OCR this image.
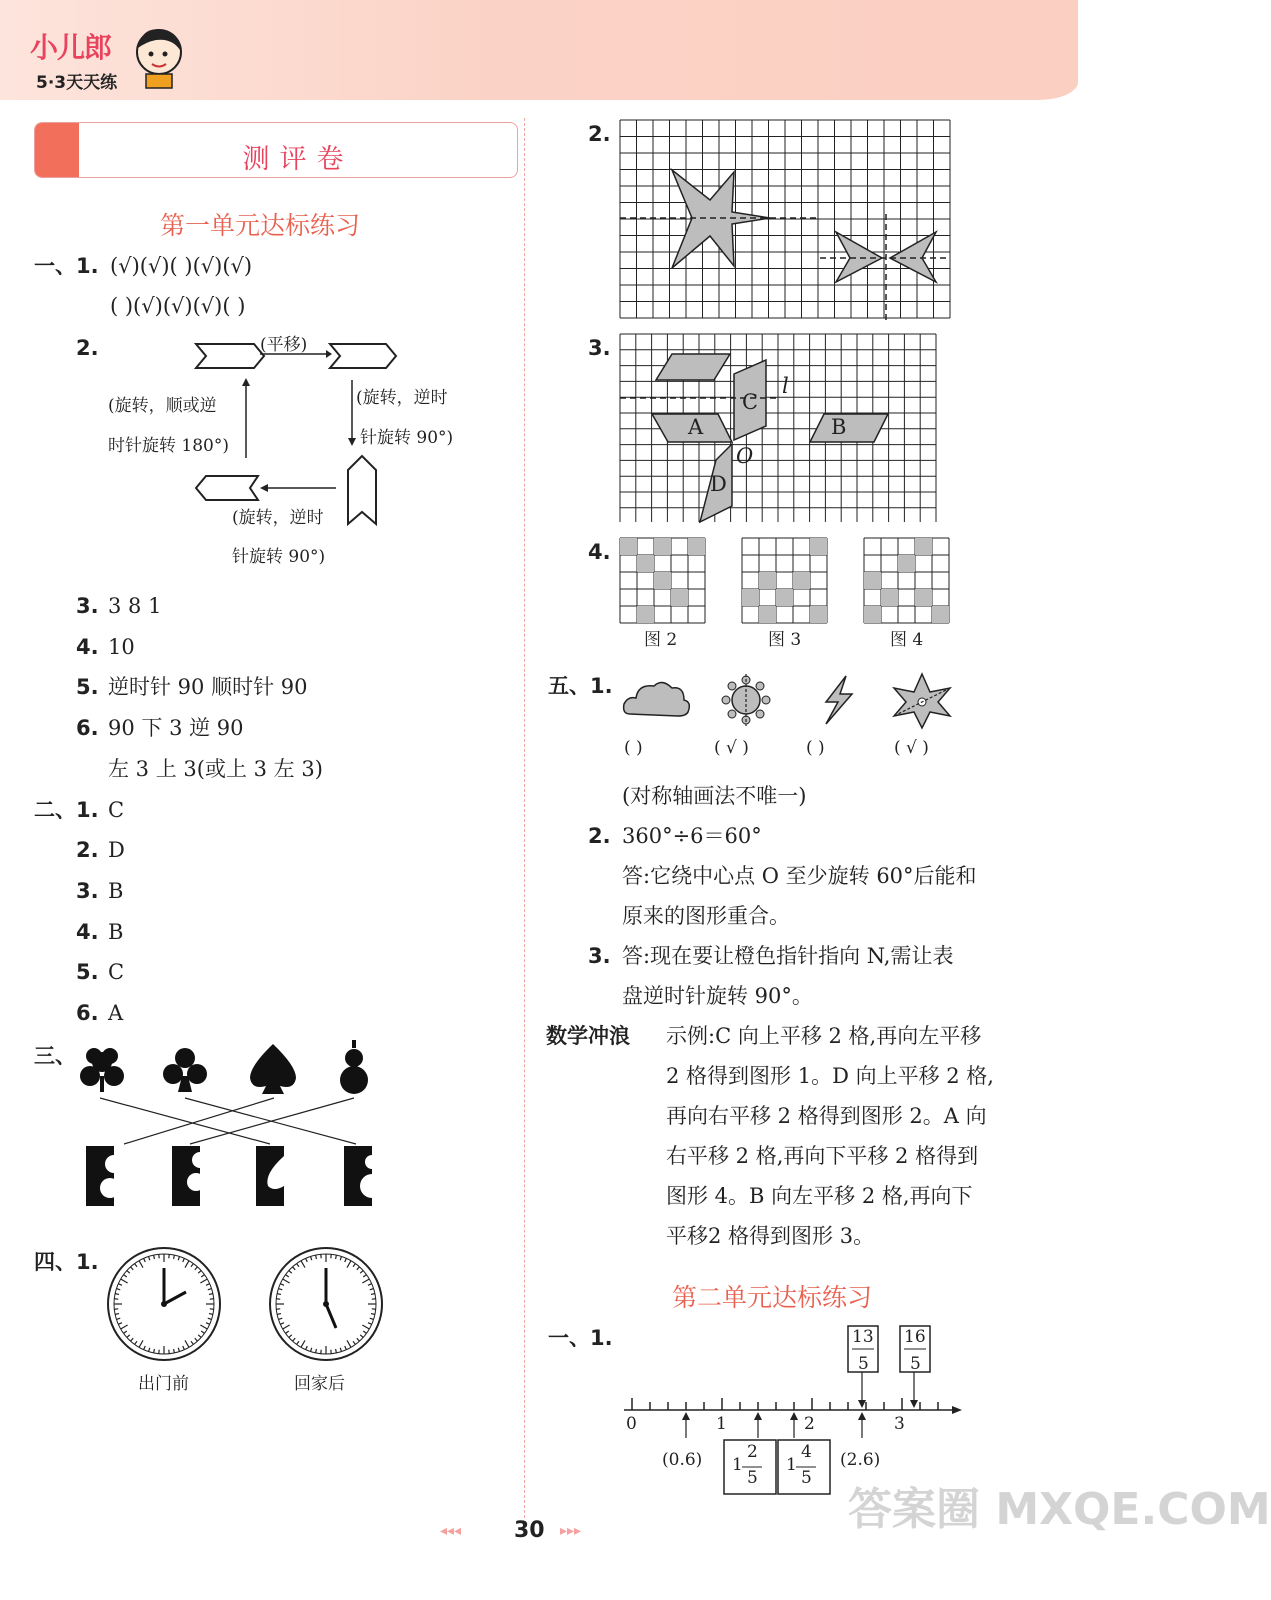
小儿郎
5·3天天练
测评卷
第一单元达标练习
一、1. (√)(√)( )(√)(√)
( )(√)(√)(√)( )
2.	(平移)
(旋转，顺或逆
时针旋转 180°)
(旋转，逆时
针旋转 90°)
(旋转，逆时
针旋转 90°)
3. 3 8 1
4. 10
5. 逆时针 90 顺时针 90
6. 90 下 3 逆 90
左 3 上 3(或上 3 左 3)
二、1. C
2. D
3. B
4. B
5. C
6. A
三、
四、1.
出门前	回家后
2.
3.
A	B
C
D
O
l
4.
图 2	图 3	图 4
五、1.
( )	( √ )	( )	( √ )
(对称轴画法不唯一)
2. 360°÷6＝60°
答:它绕中心点 O 至少旋转 60°后能和
原来的图形重合。
3. 答:现在要让橙色指针指向 N,需让表
盘逆时针旋转 90°。
数学冲浪 示例:C 向上平移 2 格,再向左平移
2 格得到图形 1。D 向上平移 2 格,
再向右平移 2 格得到图形 2。A 向
右平移 2 格,再向下平移 2 格得到
图形 4。B 向左平移 2 格,再向下
平移2 格得到图形 3。
第二单元达标练习
一、1.
0	1	2	3
(0.6)	(2.6)
13
5
16
5
1
2
5
1
4
5
◂◂◂ 30 ▸▸▸	答案圈 MXQE.COM
